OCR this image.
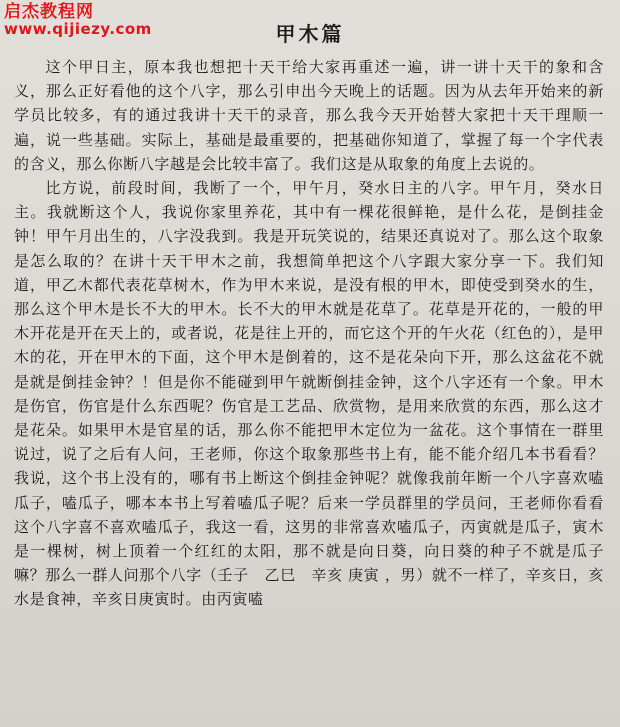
启杰教程网
www.qijiezy.com	甲木篇

这个甲日主，原本我也想把十天干给大家再重述一遍，讲一讲十天干的象和含义，那么正好看他的这个八字，那么引申出今天晚上的话题。因为从去年开始来的新学员比较多，有的通过我讲十天干的录音，那么我今天开始替大家把十天干理顺一遍，说一些基础。实际上，基础是最重要的，把基础你知道了，掌握了每一个字代表的含义，那么你断八字越是会比较丰富了。我们这是从取象的角度上去说的。

比方说，前段时间，我断了一个，甲午月，癸水日主的八字。甲午月，癸水日主。我就断这个人，我说你家里养花，其中有一棵花很鲜艳，是什么花，是倒挂金钟！甲午月出生的，八字没我到。我是开玩笑说的，结果还真说对了。那么这个取象是怎么取的？在讲十天干甲木之前，我想简单把这个八字跟大家分享一下。我们知道，甲乙木都代表花草树木，作为甲木来说，是没有根的甲木，即使受到癸水的生，那么这个甲木是长不大的甲木。长不大的甲木就是花草了。花草是开花的，一般的甲木开花是开在天上的，或者说，花是往上开的，而它这个开的午火花（红色的），是甲木的花，开在甲木的下面，这个甲木是倒着的，这不是花朵向下开，那么这盆花不就是就是倒挂金钟？！但是你不能碰到甲午就断倒挂金钟，这个八字还有一个象。甲木是伤官，伤官是什么东西呢？伤官是工艺品、欣赏物，是用来欣赏的东西，那么这才是花朵。如果甲木是官星的话，那么你不能把甲木定位为一盆花。这个事情在一群里说过，说了之后有人问，王老师，你这个取象那些书上有，能不能介绍几本书看看？我说，这个书上没有的，哪有书上断这个倒挂金钟呢？就像我前年断一个八字喜欢嗑瓜子，嗑瓜子，哪本本书上写着嗑瓜子呢？后来一学员群里的学员问，王老师你看看这个八字喜不喜欢嗑瓜子，我这一看，这男的非常喜欢嗑瓜子，丙寅就是瓜子，寅木是一棵树，树上顶着一个红红的太阳，那不就是向日葵，向日葵的种子不就是瓜子嘛？那么一群人问那个八字（壬子　乙巳　辛亥 庚寅 ，男）就不一样了，辛亥日，亥水是食神，辛亥日庚寅时。由丙寅嗑
